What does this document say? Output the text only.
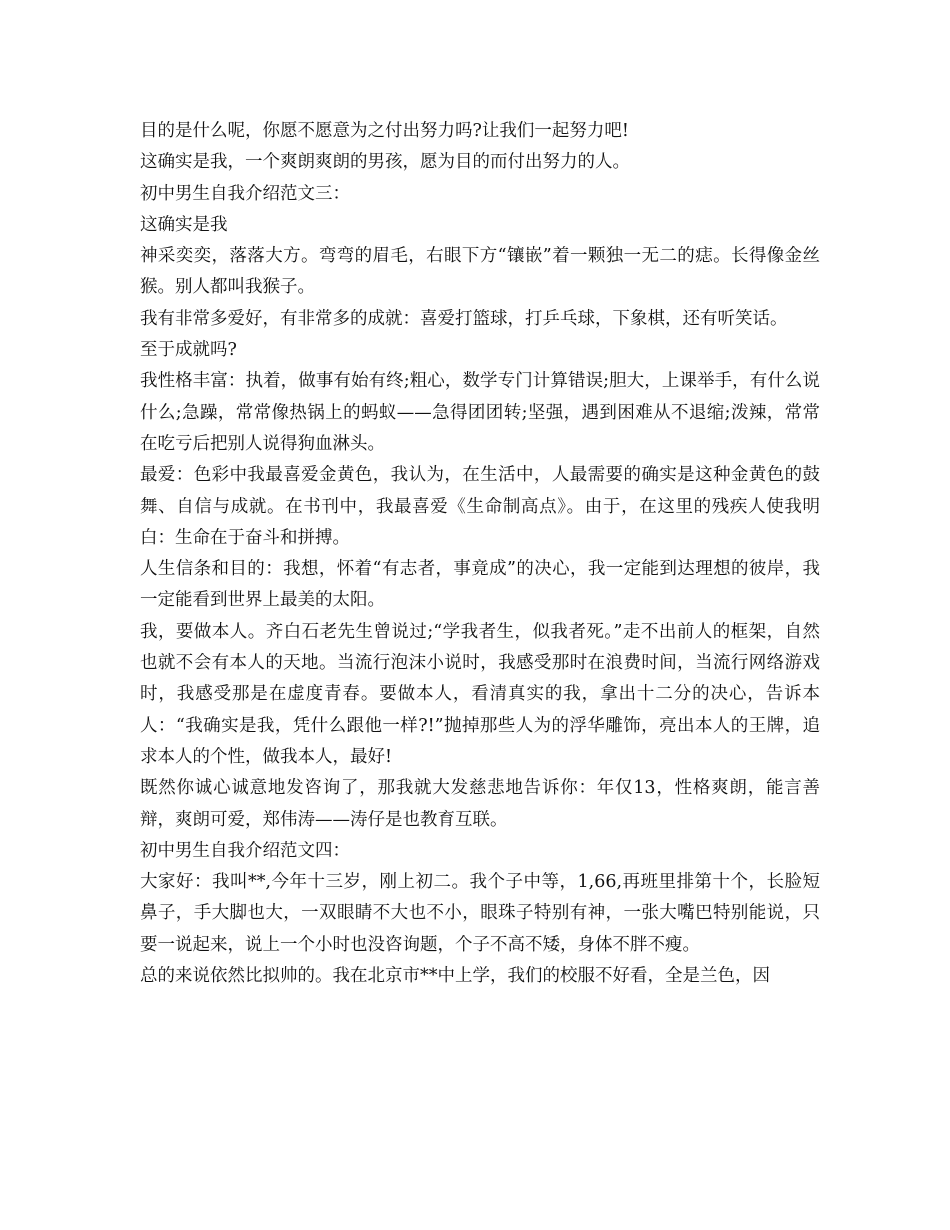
目的是什么呢，你愿不愿意为之付出努力吗?让我们一起努力吧!

这确实是我，一个爽朗爽朗的男孩，愿为目的而付出努力的人。

初中男生自我介绍范文三：

这确实是我

神采奕奕，落落大方。弯弯的眉毛，右眼下方“镶嵌”着一颗独一无二的痣。长得像金丝猴。别人都叫我猴子。

我有非常多爱好，有非常多的成就：喜爱打篮球，打乒乓球，下象棋，还有听笑话。

至于成就吗?

我性格丰富：执着，做事有始有终;粗心，数学专门计算错误;胆大，上课举手，有什么说什么;急躁，常常像热锅上的蚂蚁——急得团团转;坚强，遇到困难从不退缩;泼辣，常常在吃亏后把别人说得狗血淋头。

最爱：色彩中我最喜爱金黄色，我认为，在生活中，人最需要的确实是这种金黄色的鼓舞、自信与成就。在书刊中，我最喜爱《生命制高点》。由于，在这里的残疾人使我明白：生命在于奋斗和拼搏。

人生信条和目的：我想，怀着“有志者，事竟成”的决心，我一定能到达理想的彼岸，我一定能看到世界上最美的太阳。

我，要做本人。齐白石老先生曾说过;“学我者生，似我者死。”走不出前人的框架，自然也就不会有本人的天地。当流行泡沫小说时，我感受那时在浪费时间，当流行网络游戏时，我感受那是在虚度青春。要做本人，看清真实的我，拿出十二分的决心，告诉本人：“我确实是我，凭什么跟他一样?!”抛掉那些人为的浮华雕饰，亮出本人的王牌，追求本人的个性，做我本人，最好!

既然你诚心诚意地发咨询了，那我就大发慈悲地告诉你：年仅13，性格爽朗，能言善辩，爽朗可爱，郑伟涛——涛仔是也教育互联。

初中男生自我介绍范文四：

大家好：我叫**,今年十三岁，刚上初二。我个子中等，1,66,再班里排第十个，长脸短鼻子，手大脚也大，一双眼睛不大也不小，眼珠子特别有神，一张大嘴巴特别能说，只要一说起来，说上一个小时也没咨询题，个子不高不矮，身体不胖不瘦。

总的来说依然比拟帅的。我在北京市**中上学，我们的校服不好看，全是兰色，因
